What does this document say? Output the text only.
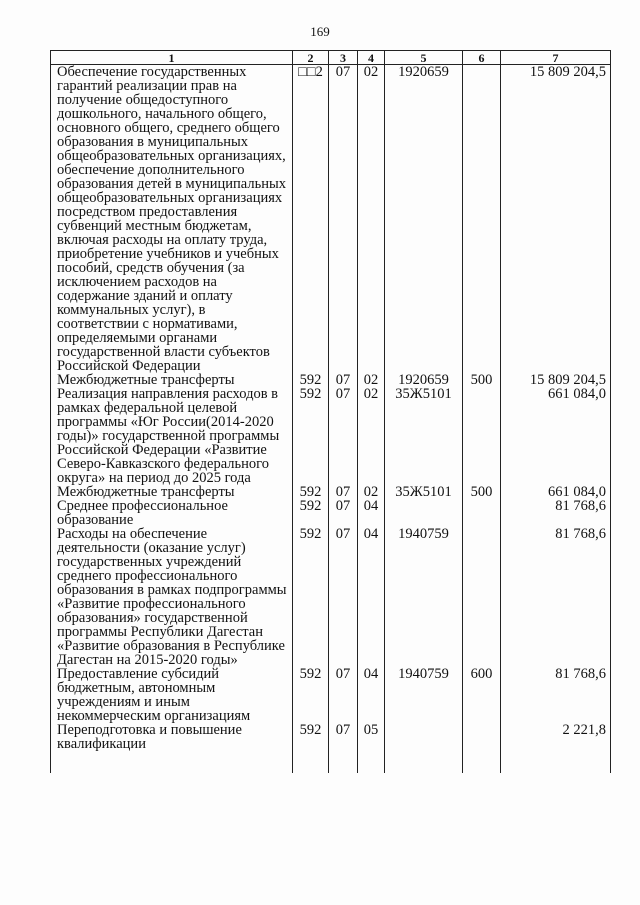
169
1	2	3	4	5	6	7
Обеспечение государственных гарантий реализации прав на получение общедоступного дошкольного, начального общего, основного общего, среднего общего образования в муниципальных общеобразовательных организациях, обеспечение дополнительного образования детей в муниципальных общеобразовательных организациях посредством предоставления субвенций местным бюджетам, включая расходы на оплату труда, приобретение учебников и учебных пособий, средств обучения (за исключением расходов на содержание зданий и оплату коммунальных услуг), в соответствии с нормативами, определяемыми органами государственной власти субъектов Российской Федерации	□□2	07	02	1920659		15 809 204,5
Межбюджетные трансферты	592	07	02	1920659	500	15 809 204,5
Реализация направления расходов в рамках федеральной целевой программы «Юг России(2014-2020 годы)» государственной программы Российской Федерации «Развитие Северо-Кавказского федерального округа» на период до 2025 года	592	07	02	35Ж5101		661 084,0
Межбюджетные трансферты	592	07	02	35Ж5101	500	661 084,0
Среднее профессиональное образование	592	07	04			81 768,6
Расходы на обеспечение деятельности (оказание услуг) государственных учреждений среднего профессионального образования в рамках подпрограммы «Развитие профессионального образования» государственной программы Республики Дагестан «Развитие образования в Республике Дагестан на 2015-2020 годы»	592	07	04	1940759		81 768,6
Предоставление субсидий бюджетным, автономным учреждениям и иным некоммерческим организациям	592	07	04	1940759	600	81 768,6
Переподготовка и повышение квалификации	592	07	05			2 221,8
